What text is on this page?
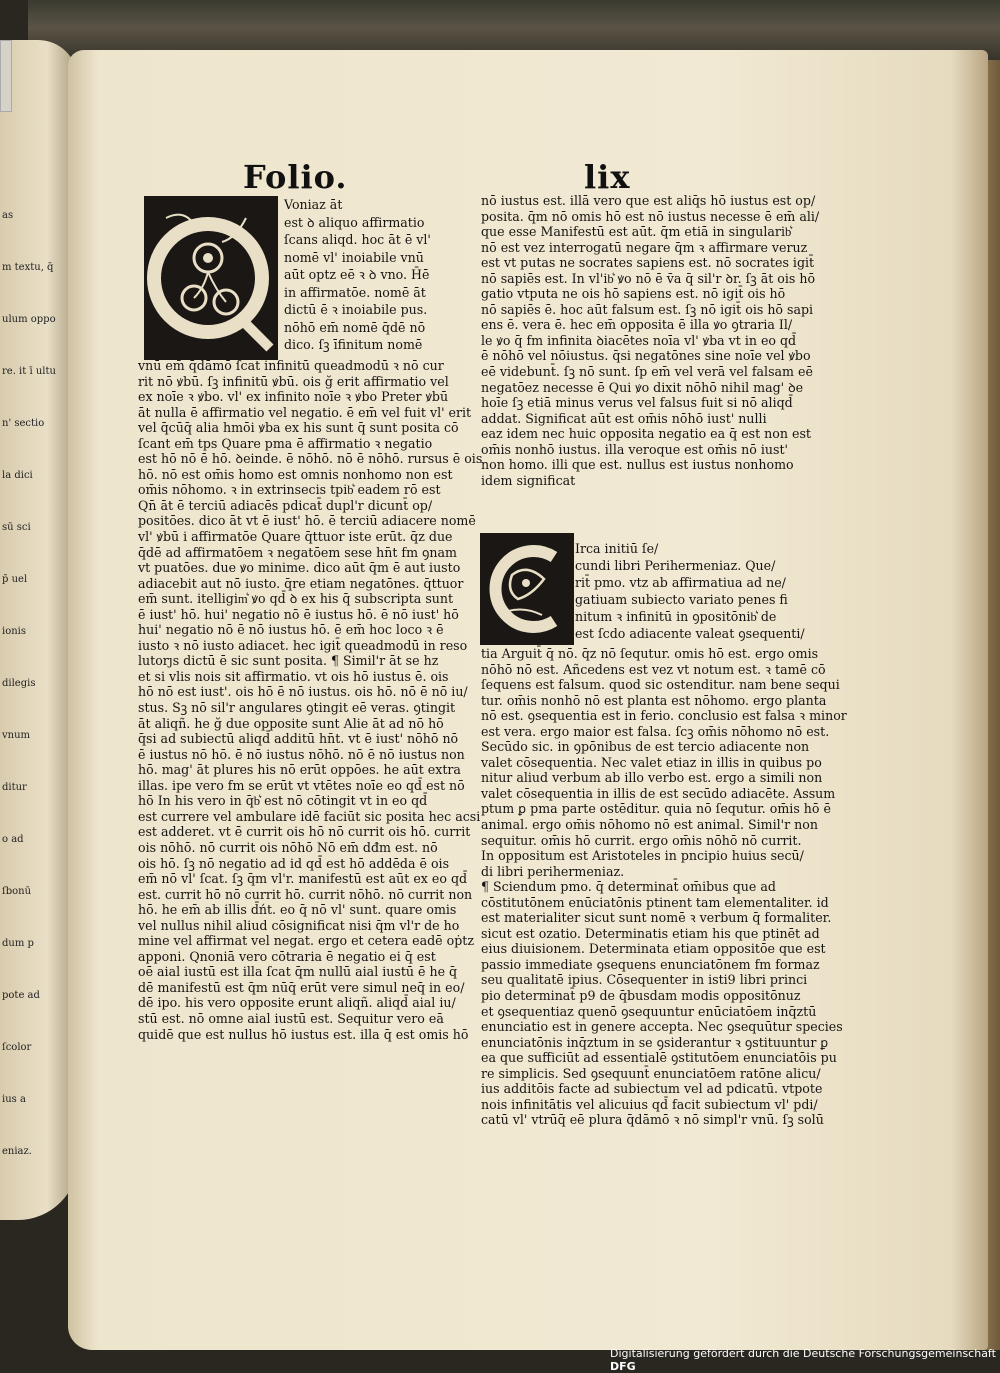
as
m textu, q̄
ulum oppo
re. it ī ultu
n' sectio
la dici
sū sci
p̄ uel
ionis
dilegis
vnum
ditur
o ad
ſbonū
dum p
pote ad
ſcolor
ius a
eniaz.
Folio.	lix

Voniaz āt

est ꝺ aliquo affirmatio

ſcans aliqd. hoc āt ē vl'

nomē vl' inoiabile vnū

aūt optz eē ꝛ ꝺ vno. H̄ē

in affirmatōe. nomē āt

dictū ē ꝛ inoiabile pus.

nōhō em̄ nomē q̄dē nō

dico. ſꝫ īfinitum nomē

vnū em̄ q̄dāmō ſcat infinitū queadmodū ꝛ nō cur

rit nō ꝟbū. ſꝫ infinitū ꝟbū. ois ğ erit affirmatio vel

ex noīe ꝛ ꝟbo. vl' ex infinito noīe ꝛ ꝟbo Preter ꝟbū

āt nulla ē affirmatio vel negatio. ē em̄ vel fuit vl' erit

vel q̄cūq̄ alia hmōi ꝟba ex his sunt q̄ sunt posita cō

ſcant em̄ tps Quare pma ē affirmatio ꝛ negatio

est hō nō ē hō. ꝺeinde. ē nōhō. nō ē nōhō. rursus ē ois

hō. nō est om̄is homo est omnis nonhomo non est

om̄is nōhomo. ꝛ in extrinsecis tpib͛ eadem rō est

Qn̄ āt ē terciū adiacēs pdicat̄ dupl'r dicunt̄ op/

positōes. dico āt vt ē iust' hō. ē terciū adiacere nomē

vl' ꝟbū i affirmatōe Quare q̄ttuor iste erūt. q̄z due

q̄dē ad affirmatōem ꝛ negatōem sese hn̄t fm ꝯnam

vt puatōes. due ꝟo minime. dico aūt q̄m ē aut iusto

adiacebit aut nō iusto. q̄re etiam negatōnes. q̄ttuor

em̄ sunt. itelligim͛ ꝟo qd̄ ꝺ ex his q̄ subscripta sunt

ē iust' hō. hui' negatio nō ē iustus hō. ē nō iust' hō

hui' negatio nō ē nō iustus hō. ē em̄ hoc loco ꝛ ē

iusto ꝛ nō iusto adiacet. hec igit̄ queadmodū in reso

lutorȷs dictū ē sic sunt posita. ¶ Simil'r āt se hz

et si vlis nois sit affirmatio. vt ois hō iustus ē. ois

hō nō est iust'. ois hō ē nō iustus. ois hō. nō ē nō iu/

stus. Sꝫ nō sil'r angulares ꝯtingit eē veras. ꝯtingit

āt aliqñ. he ğ due opposite sunt Alie āt ad nō hō

q̄si ad subiectū aliqd̄ additū hn̄t. vt ē iust' nōhō nō

ē iustus nō hō. ē nō iustus nōhō. nō ē nō iustus non

hō. mag' āt plures his nō erūt oppōes. he aūt extra

illas. ipe vero fm se erūt vt vtētes noīe eo qd̄ est nō

hō In his vero in q̄b͛ est nō cōtingit vt in eo qd̄

est currere vel ambulare idē faciūt sic posita hec acsi

est adderet. vt ē currit ois hō nō currit ois hō. currit

ois nōhō. nō currit ois nōhō Nō em̄ dđm est. nō

ois hō. ſꝫ nō negatio ad id qd̄ est hō addēda ē ois

em̄ nō vl' ſcat. ſꝫ q̄m vl'r. manifestū est aūt ex eo qd̄

est. currit hō nō currit hō. currit nōhō. nō currit non

hō. he em̄ ab illis d̄ńt. eo q̄ nō vl' sunt. quare omis

vel nullus nihil aliud cōsignificat nisi q̄m vl'r de ho

mine vel affirmat vel negat. ergo et cetera eadē oṗtz

apponi. Qnoniā vero cōtraria ē negatio ei q̄ est

oē aial iustū est illa ſcat q̄m nullū aial iustū ē he q̄

dē manifestū est q̄m nūq̄ erūt vere simul neq̄ in eo/

dē ipo. his vero opposite erunt aliqñ. aliqd̄ aial iu/

stū est. nō omne aial iustū est. Sequitur vero eā

quidē que est nullus hō iustus est. illa q̄ est omis hō

nō iustus est. illā vero que est aliq̄s hō iustus est op/

posita. q̄m nō omis hō est nō iustus necesse ē em̄ ali/

que esse Manifestū est aūt. q̄m etiā in singularib͛

nō est vez interrogatū negare q̄m ꝛ affirmare veruz

est vt putas ne socrates sapiens est. nō socrates igit̄

nō sapiēs est. In vl'ib͛ ꝟo nō ē v̄a q̄ sil'r ꝺr. ſꝫ āt ois hō

gatio vtputa ne ois hō sapiens est. nō igit̄ ois hō

nō sapiēs ē. hoc aūt falsum est. ſꝫ nō igit̄ ois hō sapi

ens ē. vera ē. hec em̄ opposita ē illa ꝟo ꝯtraria Il/

le ꝟo q̄ fm infinita ꝺiacētes noīa vl' ꝟba vt in eo qd̄

ē nōhō vel nōiustus. q̄si negatōnes sine noīe vel ꝟbo

eē videbunt̄. ſꝫ nō sunt. ſp em̄ vel verā vel falsam eē

negatōez necesse ē Qui ꝟo dixit nōhō nihil mag' ꝺe

hoīe ſꝫ etiā minus verus vel falsus fuit si nō aliqd̄

addat. Significat aūt est om̄is nōhō iust' nulli

eaz idem nec huic opposita negatio ea q̄ est non est

om̄is nonhō iustus. illa veroque est om̄is nō iust'

non homo. illi que est. nullus est iustus nonhomo

idem significat

Irca initiū ſe/

cundi libri Perihermeniaz. Que/

rit̄ pmo. vtz ab affirmatiua ad ne/

gatiuam subiecto variato penes fi

nitum ꝛ infinitū in ꝯpositōnib͛ de

est ſcdo adiacente valeat ꝯsequenti/

tia Arguit̄ q̄ nō. q̄z nō ſequtur. omis hō est. ergo omis

nōhō nō est. Añcedens est vez vt notum est. ꝛ tamē cō

ſequens est falsum. quod sic ostenditur. nam bene sequi

tur. om̄is nonhō nō est planta est nōhomo. ergo planta

nō est. ꝯsequentia est in ferio. conclusio est falsa ꝛ minor

est vera. ergo maior est falsa. ſcꝫ om̄is nōhomo nō est.

Secūdo sic. in ꝯpōnibus de est tercio adiacente non

valet cōsequentia. Nec valet etiaz in illis in quibus po

nitur aliud verbum ab illo verbo est. ergo a simili non

valet cōsequentia in illis de est secūdo adiacēte. Assum

ptum ꝑ pma parte ostēditur. quia nō ſequtur. om̄is hō ē

animal. ergo om̄is nōhomo nō est animal. Simil'r non

sequitur. om̄is hō currit. ergo om̄is nōhō nō currit.

In oppositum est Aristoteles in pncipio huius secū/

di libri perihermeniaz.

¶ Sciendum pmo. q̄ determinat̄ om̄ibus que ad

cōstitutōnem enūciatōnis ptinent tam elementaliter. id

est materialiter sicut sunt nomē ꝛ verbum q̄ formaliter.

sicut est ozatio. Determinatis etiam his que ptinēt ad

eius diuisionem. Determinata etiam oppositōe que est

passio immediate ꝯsequens enunciatōnem fm formaz

seu qualitatē ipius. Cōsequenter in isti9 libri princi

pio determinat̄ p9 de q̄busdam modis oppositōnuz

et ꝯsequentiaz quenō ꝯsequuntur enūciatōem inq̄ztū

enunciatio est in genere accepta. Nec ꝯsequūtur species

enunciatōnis inq̄ztum in se ꝯsiderantur ꝛ ꝯstituuntur ꝑ

ea que sufficiūt ad essentialē ꝯstitutōem enunciatōis pu

re simplicis. Sed ꝯsequunt̄ enunciatōem ratōne alicu/

ius additōis facte ad subiectum vel ad pdicatū. vtpote

nois infinitātis vel alicuius qd̄ facit subiectum vl' pdi/

catū vl' vtrūq̄ eē plura q̄dāmō ꝛ nō simpl'r vnū. ſꝫ solū

Digitalisierung gefördert durch die Deutsche Forschungsgemeinschaft DFG
